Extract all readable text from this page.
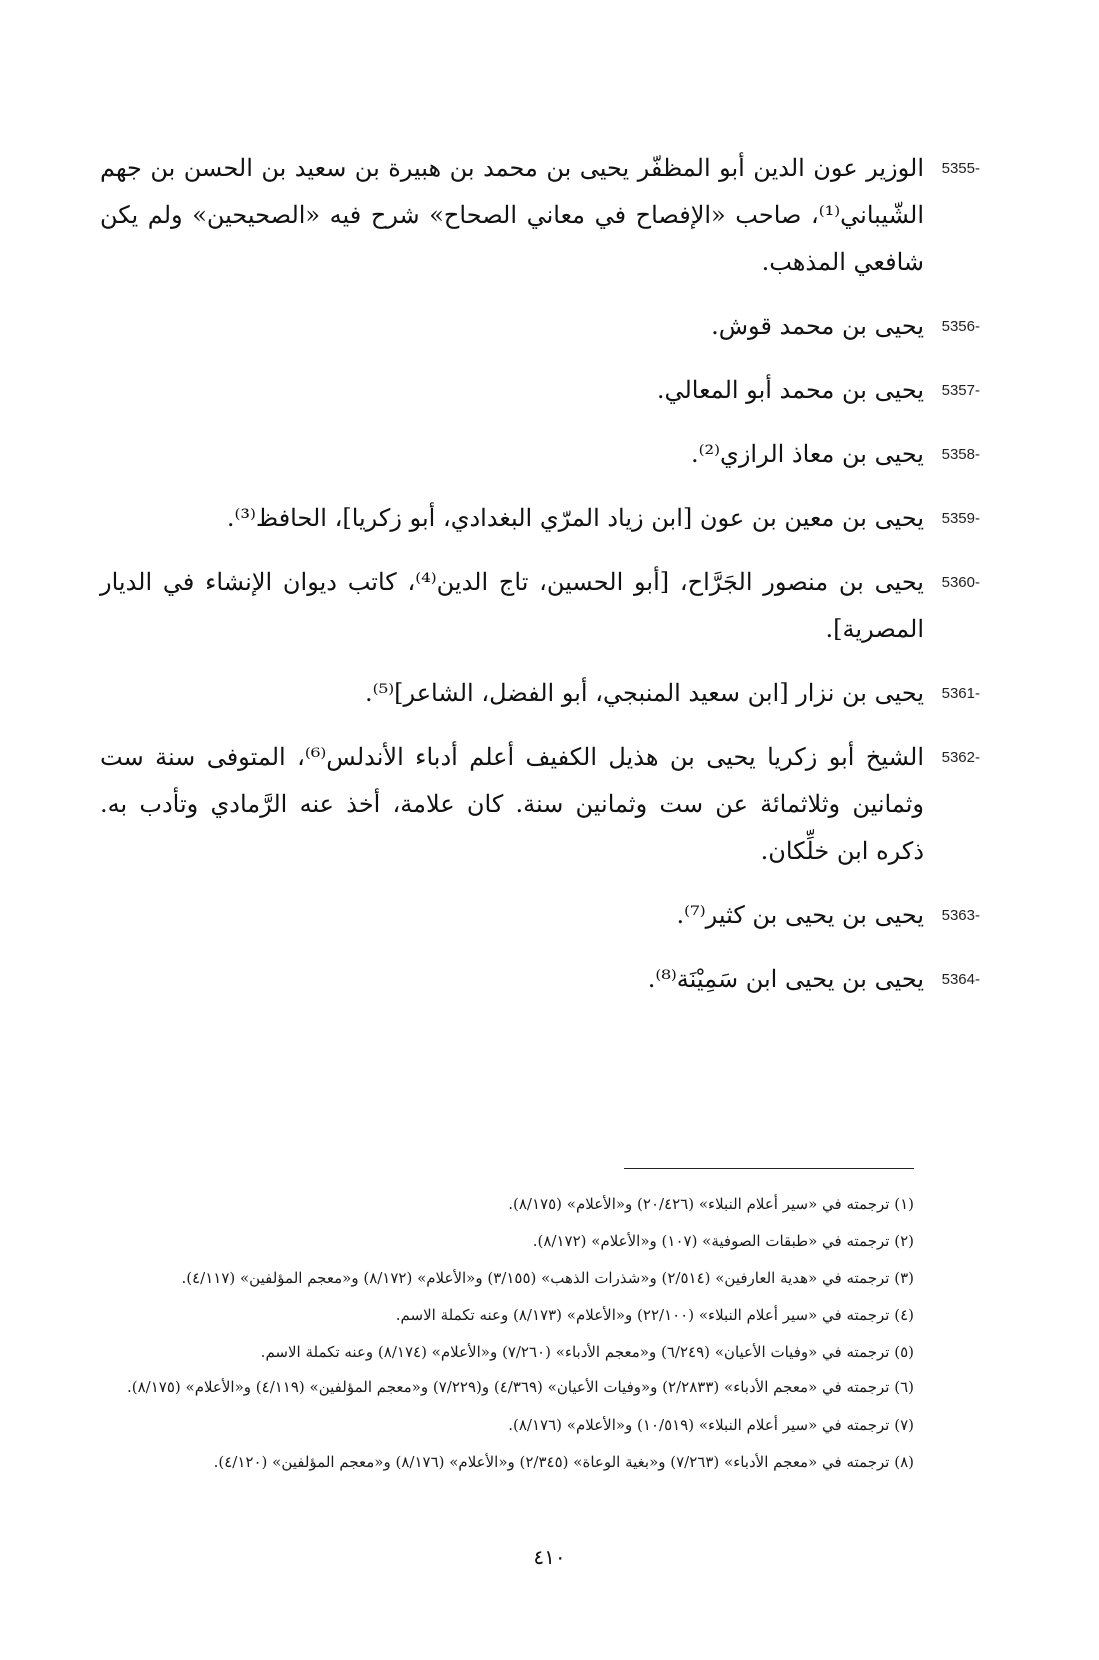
5355 -
الوزير عون الدين أبو المظفّر يحيى بن محمد بن هبيرة بن سعيد بن الحسن بن جهم الشّيباني⁽¹⁾، صاحب «الإفصاح في معاني الصحاح» شرح فيه «الصحيحين» ولم يكن شافعي المذهب.
5356 -
يحيى بن محمد قوش.
5357 -
يحيى بن محمد أبو المعالي.
5358 -
يحيى بن معاذ الرازي⁽²⁾.
5359 -
يحيى بن معين بن عون [ابن زياد المرّي البغدادي، أبو زكريا]، الحافظ⁽³⁾.
5360 -
يحيى بن منصور الجَرَّاح، [أبو الحسين، تاج الدين⁽⁴⁾، كاتب ديوان الإنشاء في الديار المصرية].
5361 -
يحيى بن نزار [ابن سعيد المنبجي، أبو الفضل، الشاعر]⁽⁵⁾.
5362 -
الشيخ أبو زكريا يحيى بن هذيل الكفيف أعلم أدباء الأندلس⁽⁶⁾، المتوفى سنة ست وثمانين وثلاثمائة عن ست وثمانين سنة. كان علامة، أخذ عنه الرَّمادي وتأدب به. ذكره ابن خلِّكان.
5363 -
يحيى بن يحيى بن كثير⁽⁷⁾.
5364 -
يحيى بن يحيى ابن سَمِيْنَة⁽⁸⁾.

(١) ترجمته في «سير أعلام النبلاء» (٢٠/٤٢٦) و«الأعلام» (٨/١٧٥).

(٢) ترجمته في «طبقات الصوفية» (١٠٧) و«الأعلام» (٨/١٧٢).

(٣) ترجمته في «هدية العارفين» (٢/٥١٤) و«شذرات الذهب» (٣/١٥٥) و«الأعلام» (٨/١٧٢) و«معجم المؤلفين» (٤/١١٧).

(٤) ترجمته في «سير أعلام النبلاء» (٢٢/١٠٠) و«الأعلام» (٨/١٧٣) وعنه تكملة الاسم.

(٥) ترجمته في «وفيات الأعيان» (٦/٢٤٩) و«معجم الأدباء» (٧/٢٦٠) و«الأعلام» (٨/١٧٤) وعنه تكملة الاسم.

(٦) ترجمته في «معجم الأدباء» (٢/٢٨٣٣) و«وفيات الأعيان» (٤/٣٦٩) و(٧/٢٢٩) و«معجم المؤلفين» (٤/١١٩) و«الأعلام» (٨/١٧٥).

(٧) ترجمته في «سير أعلام النبلاء» (١٠/٥١٩) و«الأعلام» (٨/١٧٦).

(٨) ترجمته في «معجم الأدباء» (٧/٢٦٣) و«بغية الوعاة» (٢/٣٤٥) و«الأعلام» (٨/١٧٦) و«معجم المؤلفين» (٤/١٢٠).

٤١٠
